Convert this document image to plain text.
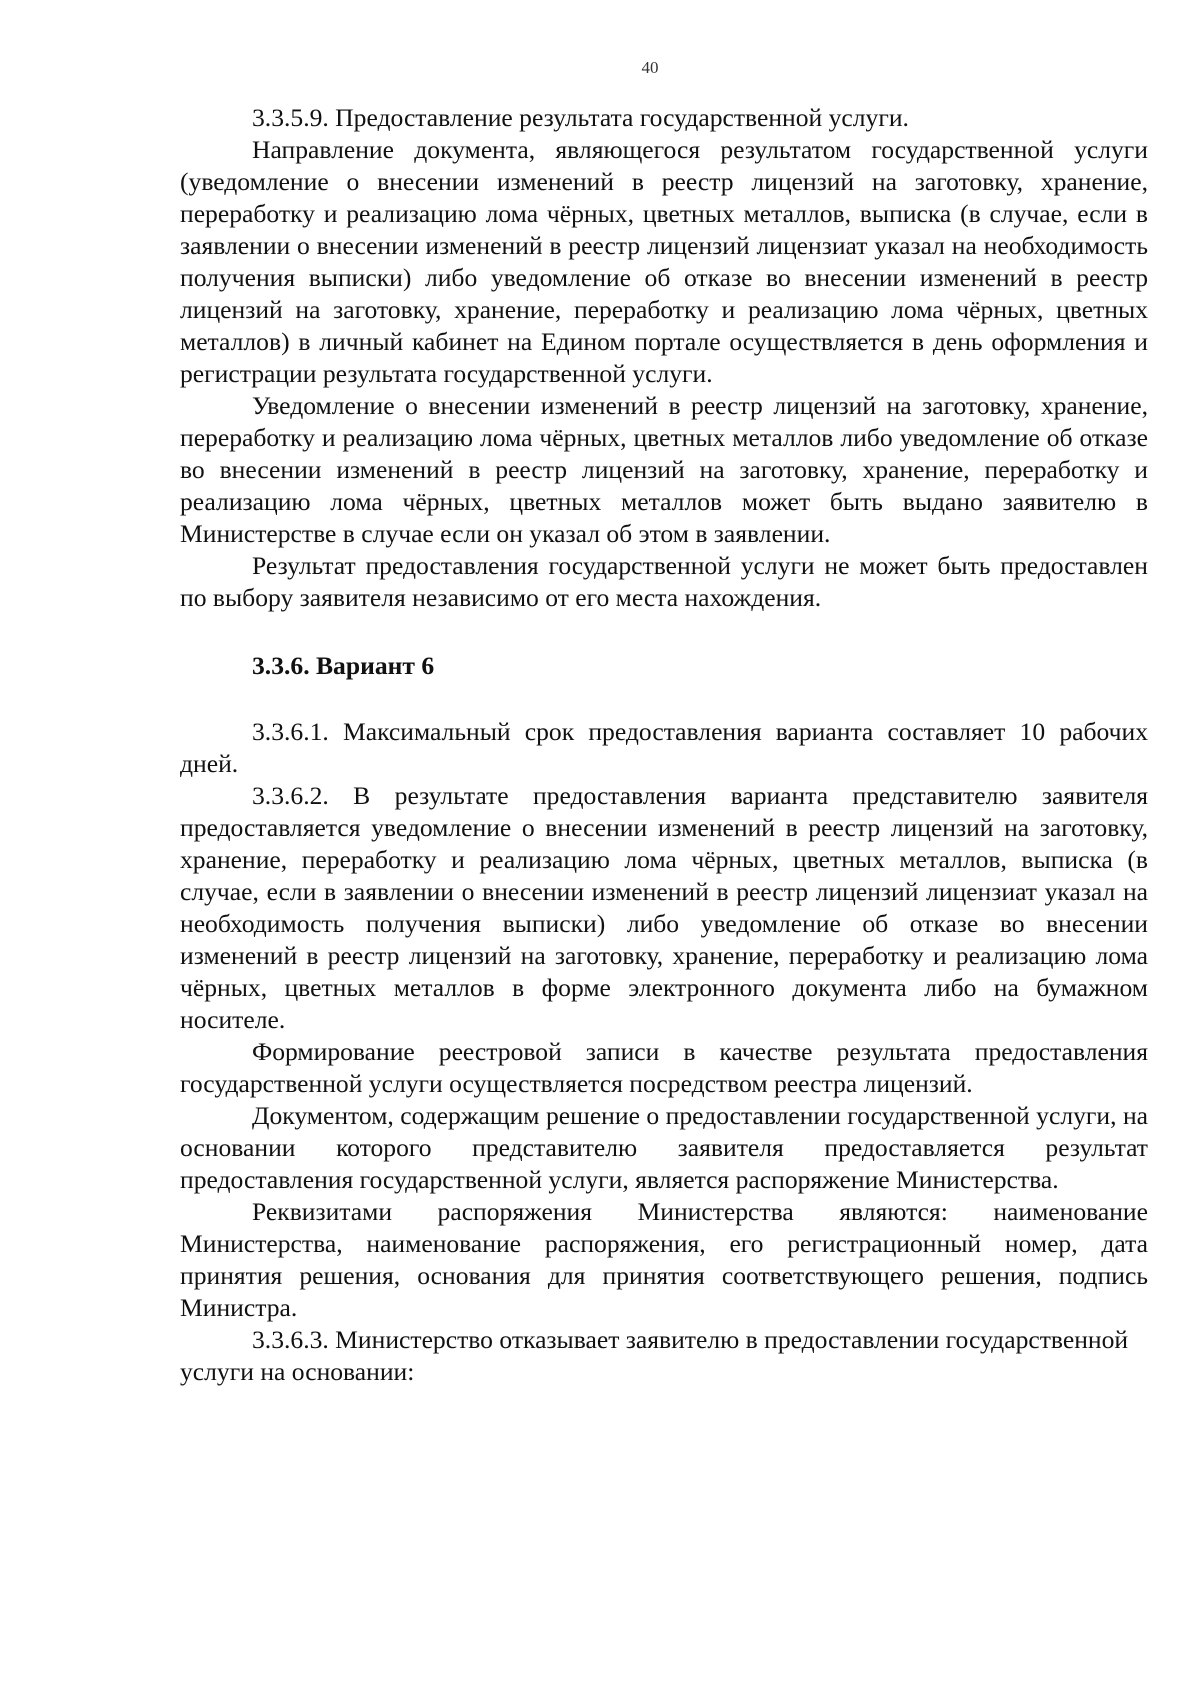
40

3.3.5.9. Предоставление результата государственной услуги.

Направление документа, являющегося результатом государственной услуги (уведомление о внесении изменений в реестр лицензий на заготовку, хранение, переработку и реализацию лома чёрных, цветных металлов, выписка (в случае, если в заявлении о внесении изменений в реестр лицензий лицензиат указал на необходимость получения выписки) либо уведомление об отказе во внесении изменений в реестр лицензий на заготовку, хранение, переработку и реализацию лома чёрных, цветных металлов) в личный кабинет на Едином портале осуществляется в день оформления и регистрации результата государственной услуги.

Уведомление о внесении изменений в реестр лицензий на заготовку, хранение, переработку и реализацию лома чёрных, цветных металлов либо уведомление об отказе во внесении изменений в реестр лицензий на заготовку, хранение, переработку и реализацию лома чёрных, цветных металлов может быть выдано заявителю в Министерстве в случае если он указал об этом в заявлении.

Результат предоставления государственной услуги не может быть предоставлен по выбору заявителя независимо от его места нахождения.

3.3.6. Вариант 6

3.3.6.1. Максимальный срок предоставления варианта составляет 10 рабочих дней.

3.3.6.2. В результате предоставления варианта представителю заявителя предоставляется уведомление о внесении изменений в реестр лицензий на заготовку, хранение, переработку и реализацию лома чёрных, цветных металлов, выписка (в случае, если в заявлении о внесении изменений в реестр лицензий лицензиат указал на необходимость получения выписки) либо уведомление об отказе во внесении изменений в реестр лицензий на заготовку, хранение, переработку и реализацию лома чёрных, цветных металлов в форме электронного документа либо на бумажном носителе.

Формирование реестровой записи в качестве результата предоставления государственной услуги осуществляется посредством реестра лицензий.

Документом, содержащим решение о предоставлении государственной услуги, на основании которого представителю заявителя предоставляется результат предоставления государственной услуги, является распоряжение Министерства.

Реквизитами распоряжения Министерства являются: наименование Министерства, наименование распоряжения, его регистрационный номер, дата принятия решения, основания для принятия соответствующего решения, подпись Министра.

3.3.6.3. Министерство отказывает заявителю в предоставлении государственной услуги на основании:
